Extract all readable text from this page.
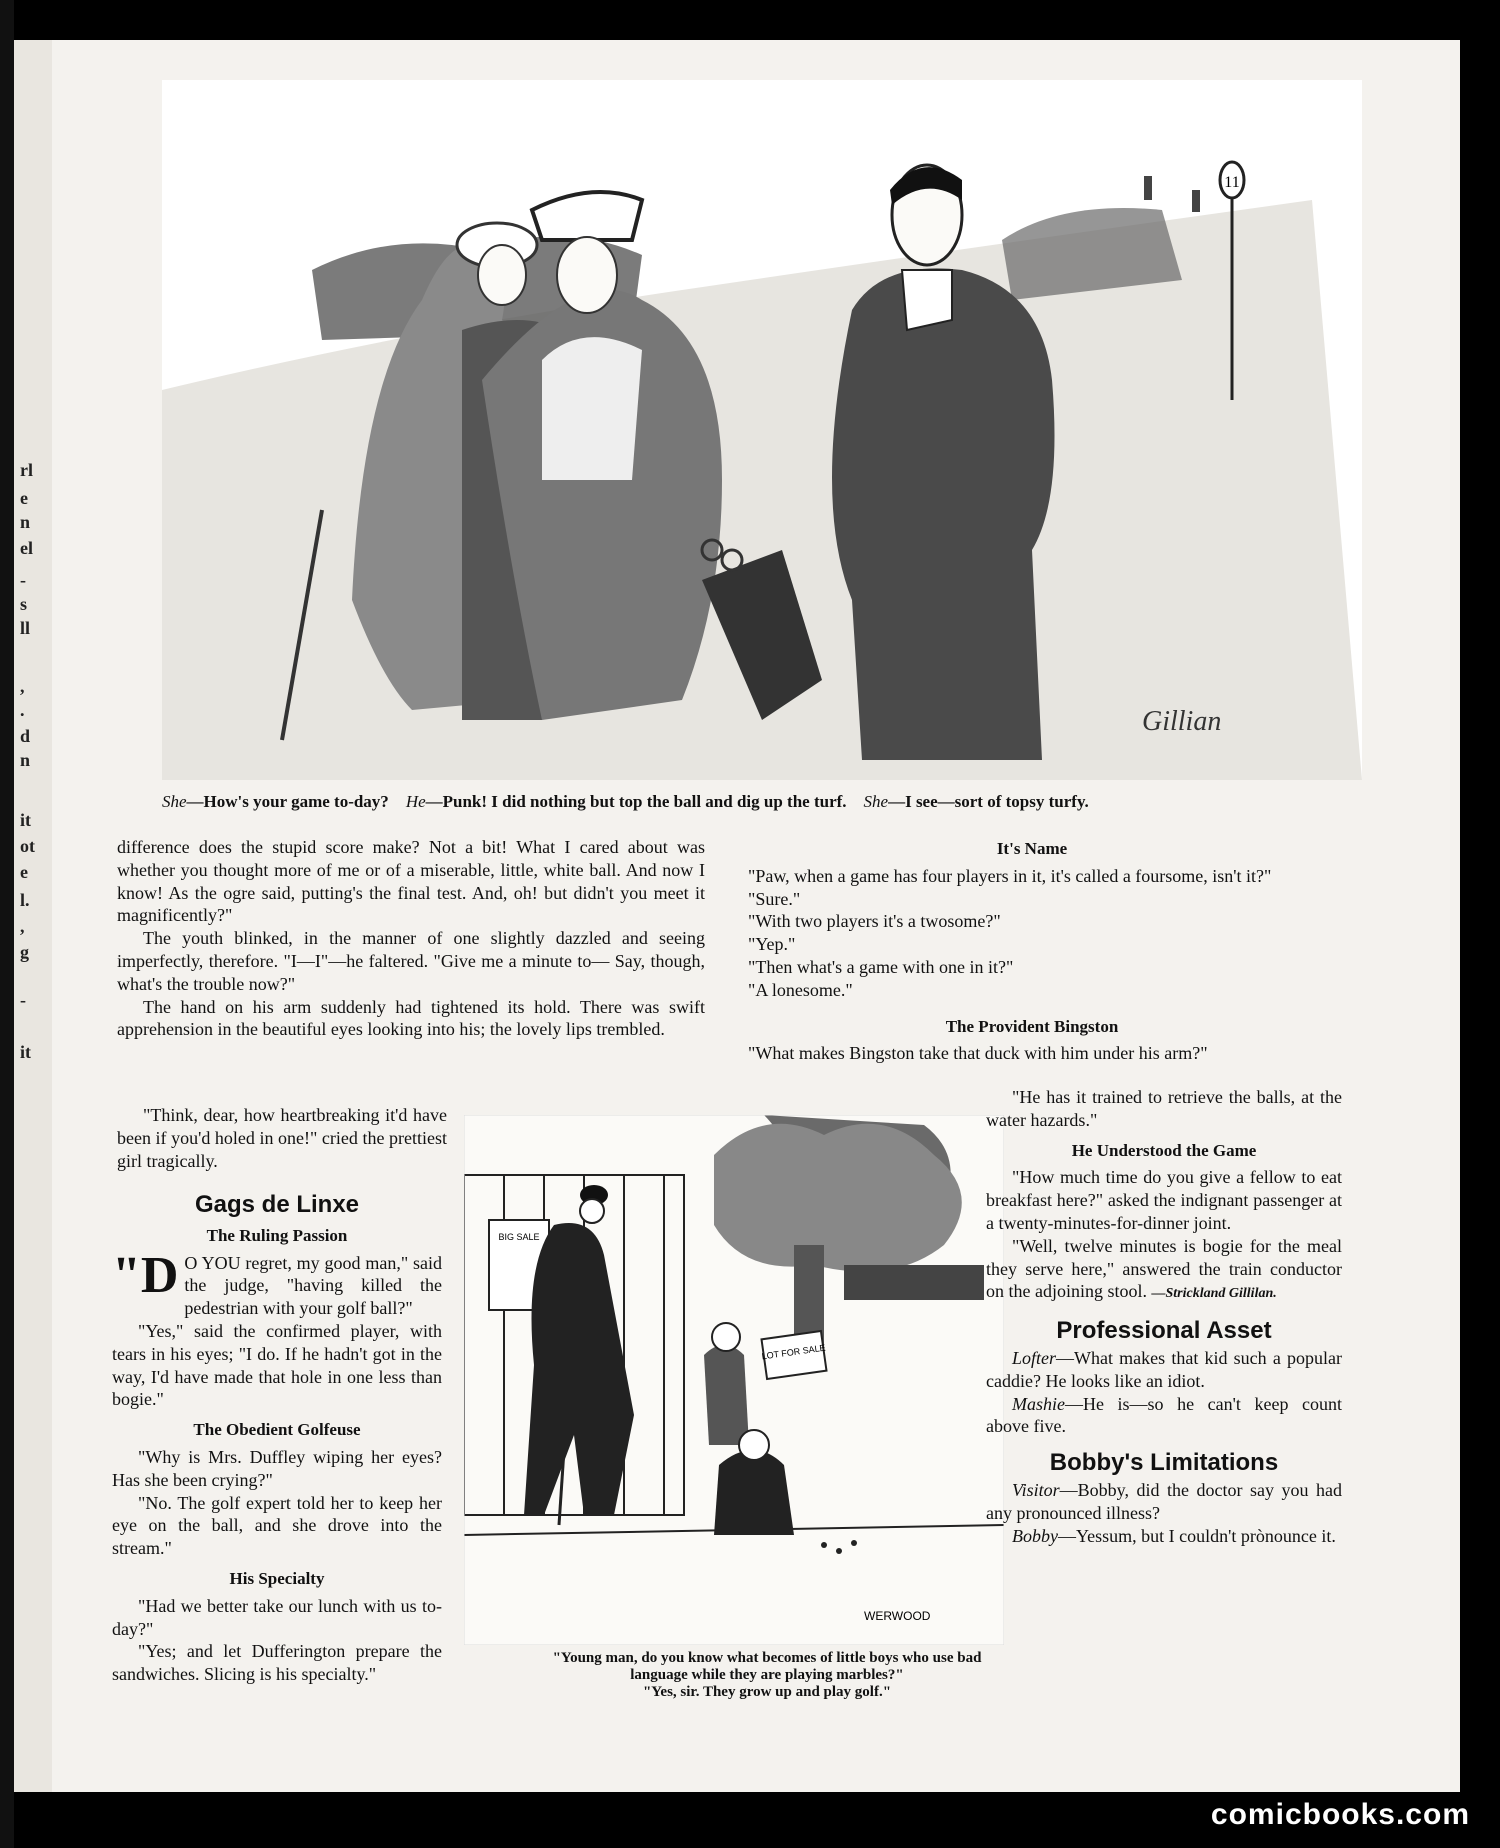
rl
e
n
el
-
s
ll
,
.
d
n
it
ot
e
l.
,
g
-
it
11
Gillian
She—How's your game to-day? He—Punk! I did nothing but top the ball and dig up the turf. She—I see—sort of topsy turfy.

difference does the stupid score make? Not a bit! What I cared about was whether you thought more of me or of a miserable, little, white ball. And now I know! As the ogre said, putting's the final test. And, oh! but didn't you meet it magnificently?"

The youth blinked, in the manner of one slightly dazzled and seeing imperfectly, therefore. "I—I"—he faltered. "Give me a minute to— Say, though, what's the trouble now?"

The hand on his arm suddenly had tightened its hold. There was swift apprehension in the beautiful eyes looking into his; the lovely lips trembled.

"Think, dear, how heartbreaking it'd have been if you'd holed in one!" cried the prettiest girl tragically.

Gags de Linxe
The Ruling Passion

"D O YOU regret, my good man," said the judge, "having killed the pedestrian with your golf ball?"

"Yes," said the confirmed player, with tears in his eyes; "I do. If he hadn't got in the way, I'd have made that hole in one less than bogie."

The Obedient Golfeuse

"Why is Mrs. Duffley wiping her eyes? Has she been crying?"

"No. The golf expert told her to keep her eye on the ball, and she drove into the stream."

His Specialty

"Had we better take our lunch with us to-day?"

"Yes; and let Dufferington prepare the sandwiches. Slicing is his specialty."

BIG SALE
LOT FOR SALE
WERWOOD
"Young man, do you know what becomes of little boys who use bad language while they are playing marbles?"
"Yes, sir. They grow up and play golf."
It's Name

"Paw, when a game has four players in it, it's called a foursome, isn't it?"

"Sure."

"With two players it's a twosome?"

"Yep."

"Then what's a game with one in it?"

"A lonesome."

The Provident Bingston

"What makes Bingston take that duck with him under his arm?"

"He has it trained to retrieve the balls, at the water hazards."

He Understood the Game

"How much time do you give a fellow to eat breakfast here?" asked the indignant passenger at a twenty-minutes-for-dinner joint.

"Well, twelve minutes is bogie for the meal they serve here," answered the train conductor on the adjoining stool. —Strickland Gillilan.

Professional Asset

Lofter—What makes that kid such a popular caddie? He looks like an idiot.

Mashie—He is—so he can't keep count above five.

Bobby's Limitations

Visitor—Bobby, did the doctor say you had any pronounced illness?

Bobby—Yessum, but I couldn't prònounce it.

comicbooks.com
